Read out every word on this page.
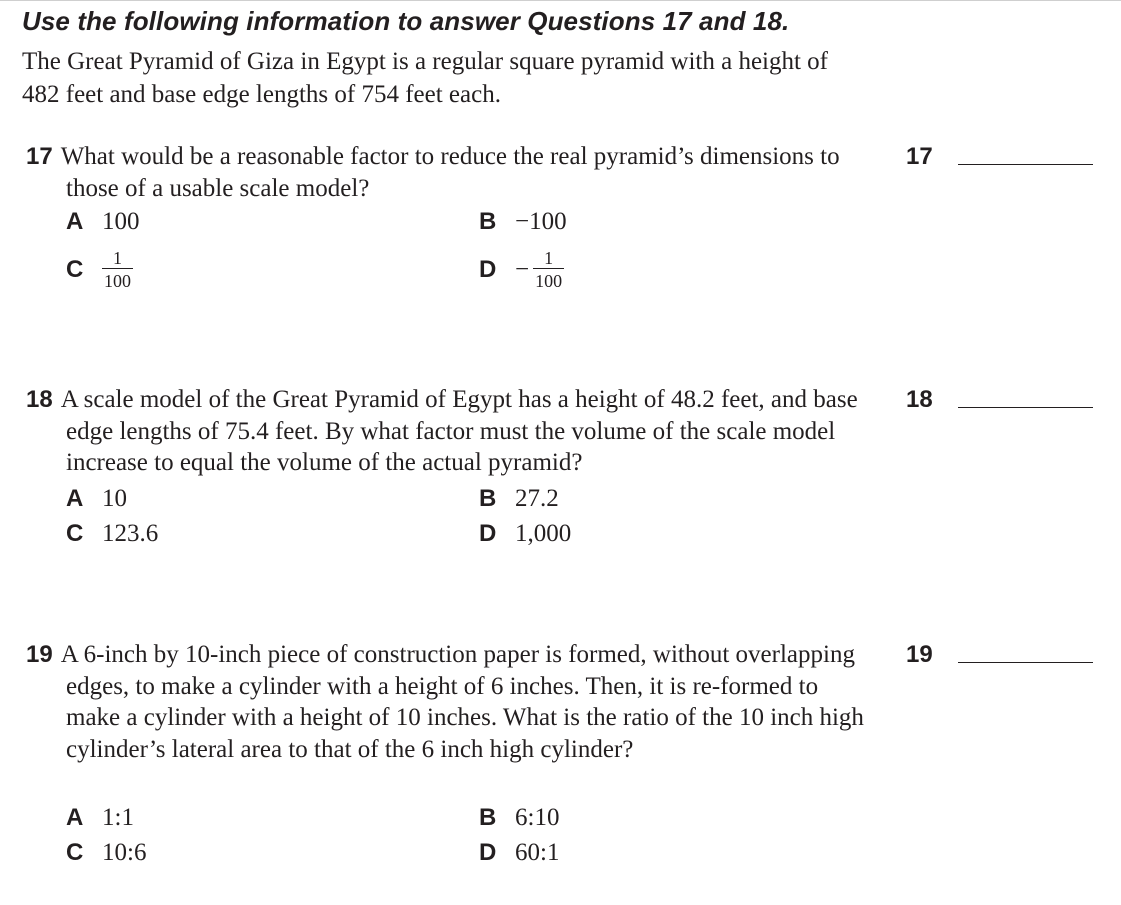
Use the following information to answer Questions 17 and 18.
The Great Pyramid of Giza in Egypt is a regular square pyramid with a height of 482 feet and base edge lengths of 754 feet each.
17 What would be a reasonable factor to reduce the real pyramid’s dimensions to those of a usable scale model?
17
A 100	B −100
C	$\frac{1}{100}$	$D - \frac{1}{100}$
18 A scale model of the Great Pyramid of Egypt has a height of 48.2 feet, and base edge lengths of 75.4 feet. By what factor must the volume of the scale model increase to equal the volume of the actual pyramid?
18
A 10	B 27.2
C 123.6	D 1,000
19 A 6-inch by 10-inch piece of construction paper is formed, without overlapping edges, to make a cylinder with a height of 6 inches. Then, it is re-formed to make a cylinder with a height of 10 inches. What is the ratio of the 10 inch high cylinder’s lateral area to that of the 6 inch high cylinder?
19
A 1:1	B 6:10
C 10:6	D 60:1
